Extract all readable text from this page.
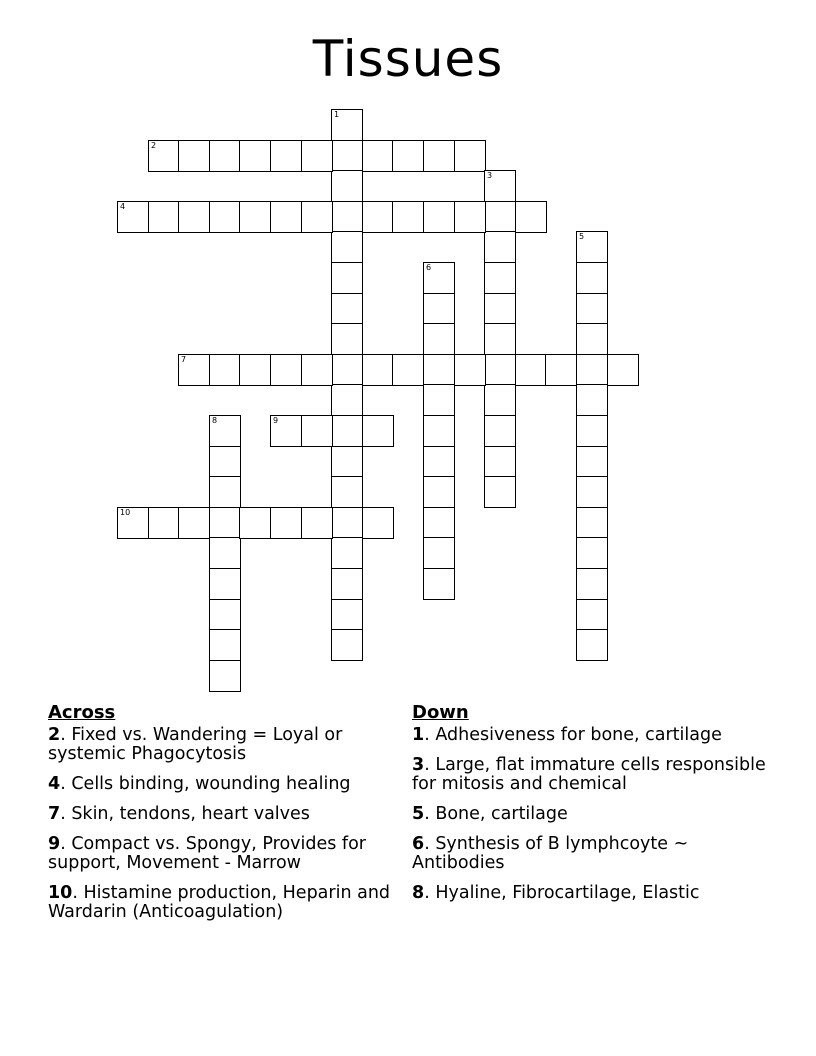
Tissues
1
2
3
4
5
6
7
8	9
10
Across
2. Fixed vs. Wandering = Loyal or systemic Phagocytosis
4. Cells binding, wounding healing
7. Skin, tendons, heart valves
9. Compact vs. Spongy, Provides for support, Movement - Marrow
10. Histamine production, Heparin and Wardarin (Anticoagulation)
Down
1. Adhesiveness for bone, cartilage
3. Large, flat immature cells responsible for mitosis and chemical
5. Bone, cartilage
6. Synthesis of B lymphcoyte ~ Antibodies
8. Hyaline, Fibrocartilage, Elastic
